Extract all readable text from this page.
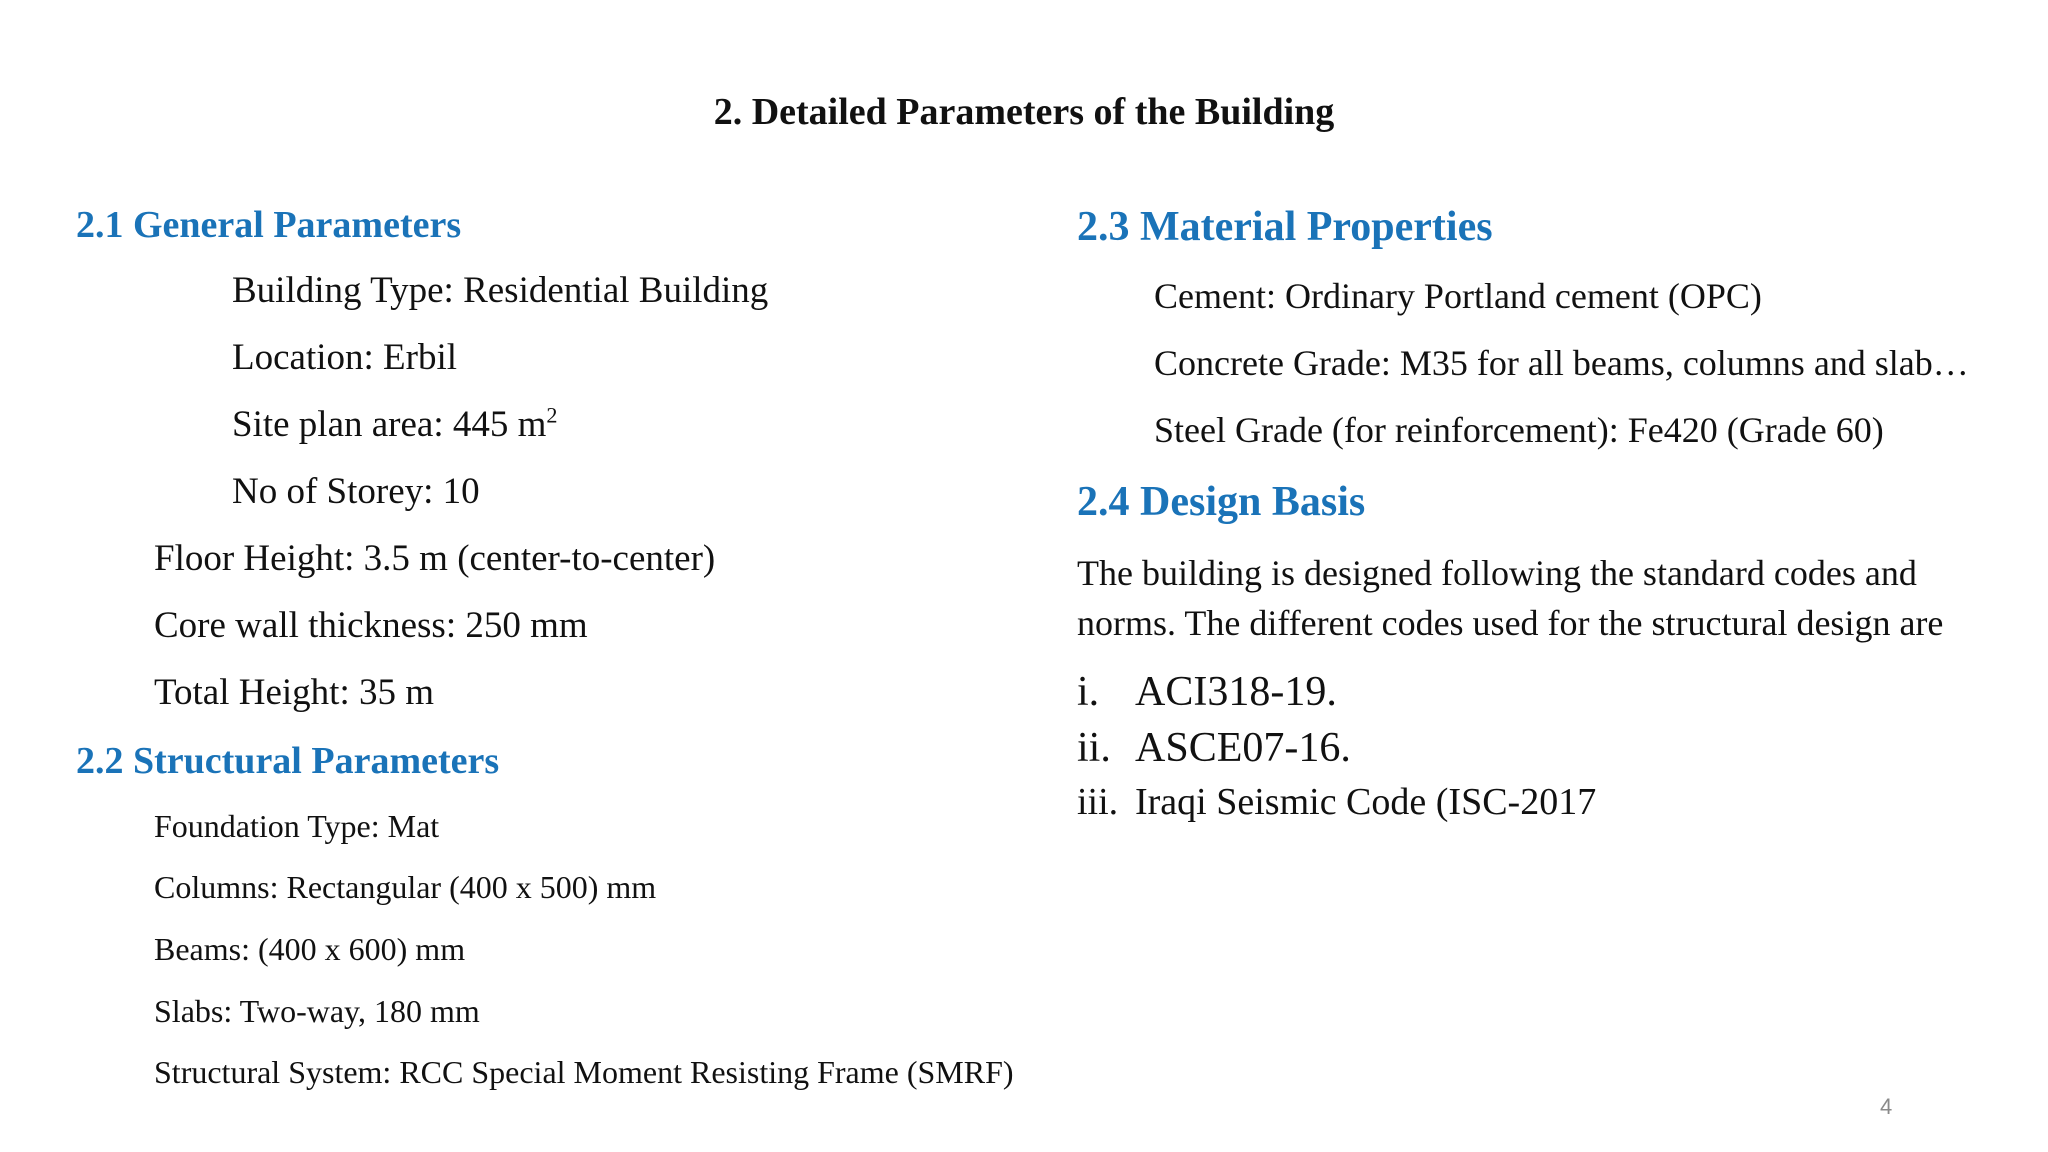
2. Detailed Parameters of the Building
2.1 General Parameters
Building Type: Residential Building
Location: Erbil
Site plan area: 445 $m^2$
No of Storey: 10
Floor Height: 3.5 m (center-to-center)
Core wall thickness: 250 mm
Total Height: 35 m
2.2 Structural Parameters
Foundation Type: Mat
Columns: Rectangular (400 x 500) mm
Beams: (400 x 600) mm
Slabs: Two-way, 180 mm
Structural System: RCC Special Moment Resisting Frame (SMRF)
2.3 Material Properties
Cement: Ordinary Portland cement (OPC)
Concrete Grade: M35 for all beams, columns and slab…
Steel Grade (for reinforcement): Fe420 (Grade 60)
2.4 Design Basis
The building is designed following the standard codes and
norms. The different codes used for the structural design are
i. ACI318-19.
ii. ASCE07-16.
iii. Iraqi Seismic Code (ISC-2017
4
